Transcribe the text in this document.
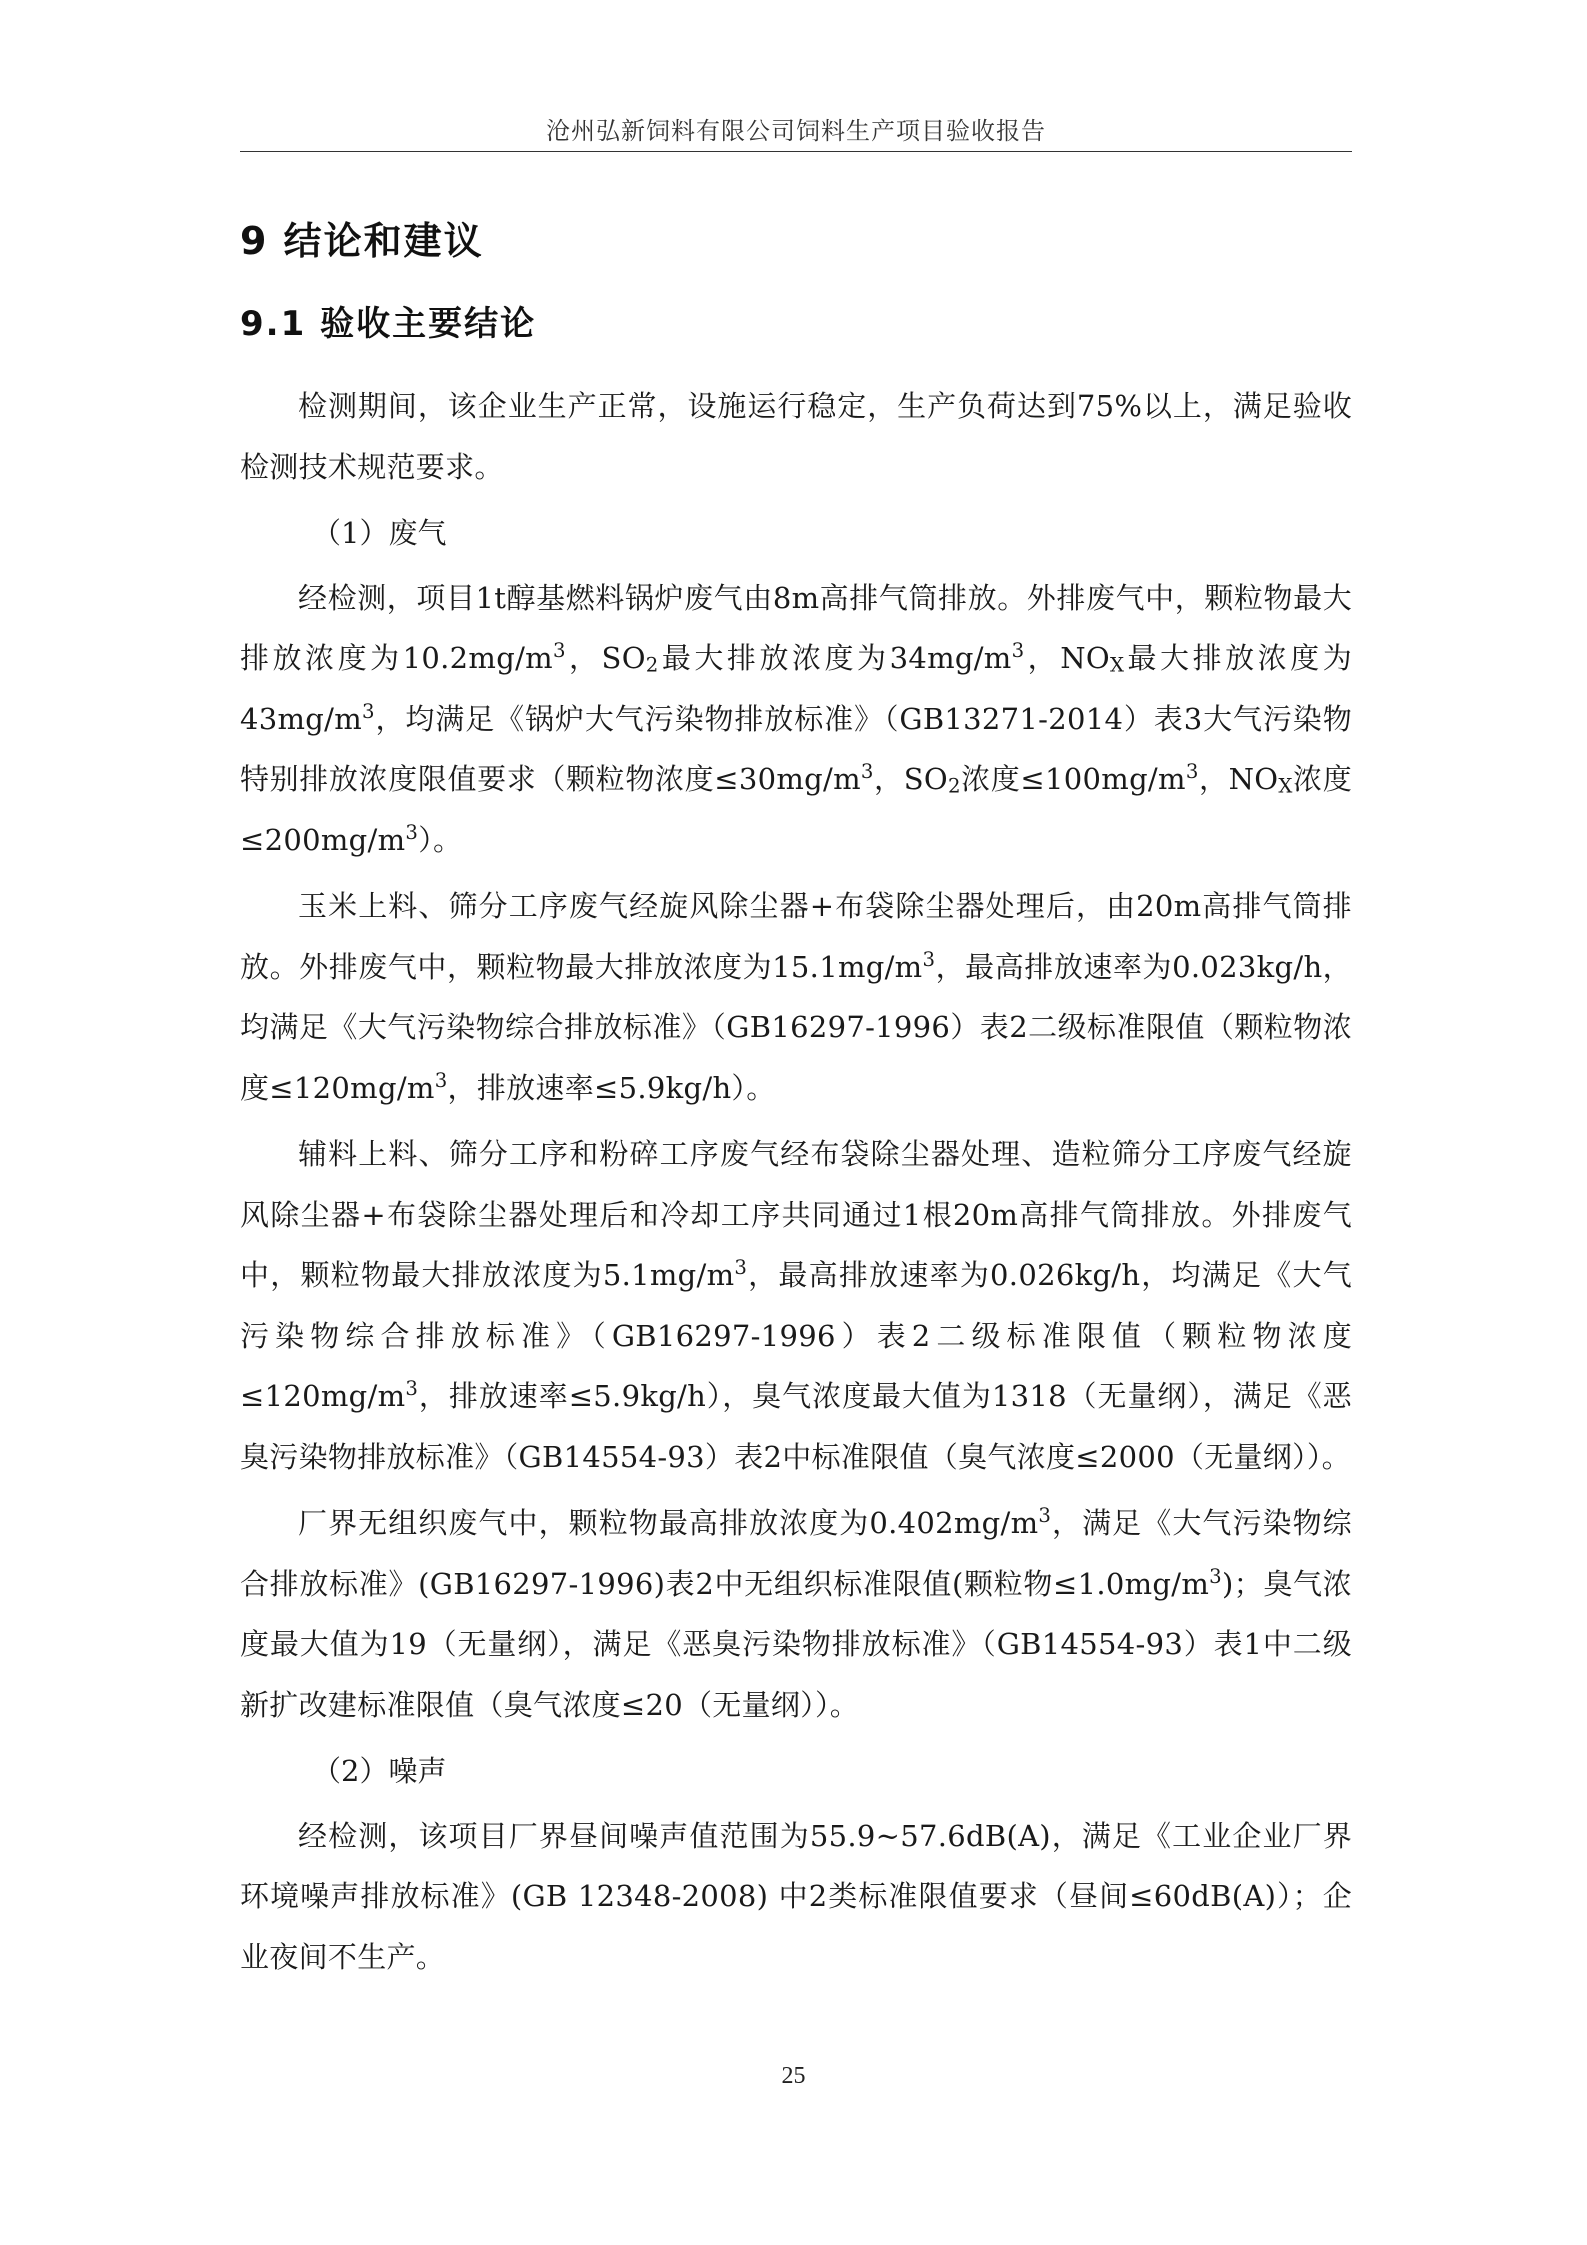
沧州弘新饲料有限公司饲料生产项目验收报告
9 结论和建议
9.1 验收主要结论

检测期间，该企业生产正常，设施运行稳定，生产负荷达到75%以上，满足验收检测技术规范要求。

（1）废气

经检测，项目1t醇基燃料锅炉废气由8m高排气筒排放。外排废气中，颗粒物最大排放浓度为$10.2mg/m^3$，$SO_2$最大排放浓度为$34mg/m^3$，$NO_X$最大排放浓度为$43mg/m^3$，均满足《锅炉大气污染物排放标准》（GB13271-2014）表3大气污染物特别排放浓度限值要求（颗粒物浓度$\le 30mg/m^3$，$SO_2$浓度$\le 100mg/m^3$，$NO_X$浓度$\le 200mg/m^3$）。

玉米上料、筛分工序废气经旋风除尘器+布袋除尘器处理后，由20m高排气筒排放。外排废气中，颗粒物最大排放浓度为$15.1mg/m^3$，最高排放速率为0.023kg/h，均满足《大气污染物综合排放标准》（GB16297-1996）表2二级标准限值（颗粒物浓度$\le 120mg/m^3$，排放速率≤5.9kg/h）。

辅料上料、筛分工序和粉碎工序废气经布袋除尘器处理、造粒筛分工序废气经旋风除尘器+布袋除尘器处理后和冷却工序共同通过1根20m高排气筒排放。外排废气中，颗粒物最大排放浓度为$5.1mg/m^3$，最高排放速率为0.026kg/h，均满足《大气污染物综合排放标准》（GB16297-1996）表2二级标准限值（颗粒物浓度$\le 120mg/m^3$，排放速率≤5.9kg/h），臭气浓度最大值为1318（无量纲），满足《恶臭污染物排放标准》（GB14554-93）表2中标准限值（臭气浓度≤2000（无量纲））。

厂界无组织废气中，颗粒物最高排放浓度为$0.402mg/m^3$，满足《大气污染物综合排放标准》(GB16297-1996)表2中无组织标准限值(颗粒物$\le 1.0mg/m^3$)；臭气浓度最大值为19（无量纲），满足《恶臭污染物排放标准》（GB14554-93）表1中二级新扩改建标准限值（臭气浓度≤20（无量纲））。

（2）噪声

经检测，该项目厂界昼间噪声值范围为55.9~57.6dB(A)，满足《工业企业厂界环境噪声排放标准》(GB 12348-2008) 中2类标准限值要求（昼间≤60dB(A)）；企业夜间不生产。

25
